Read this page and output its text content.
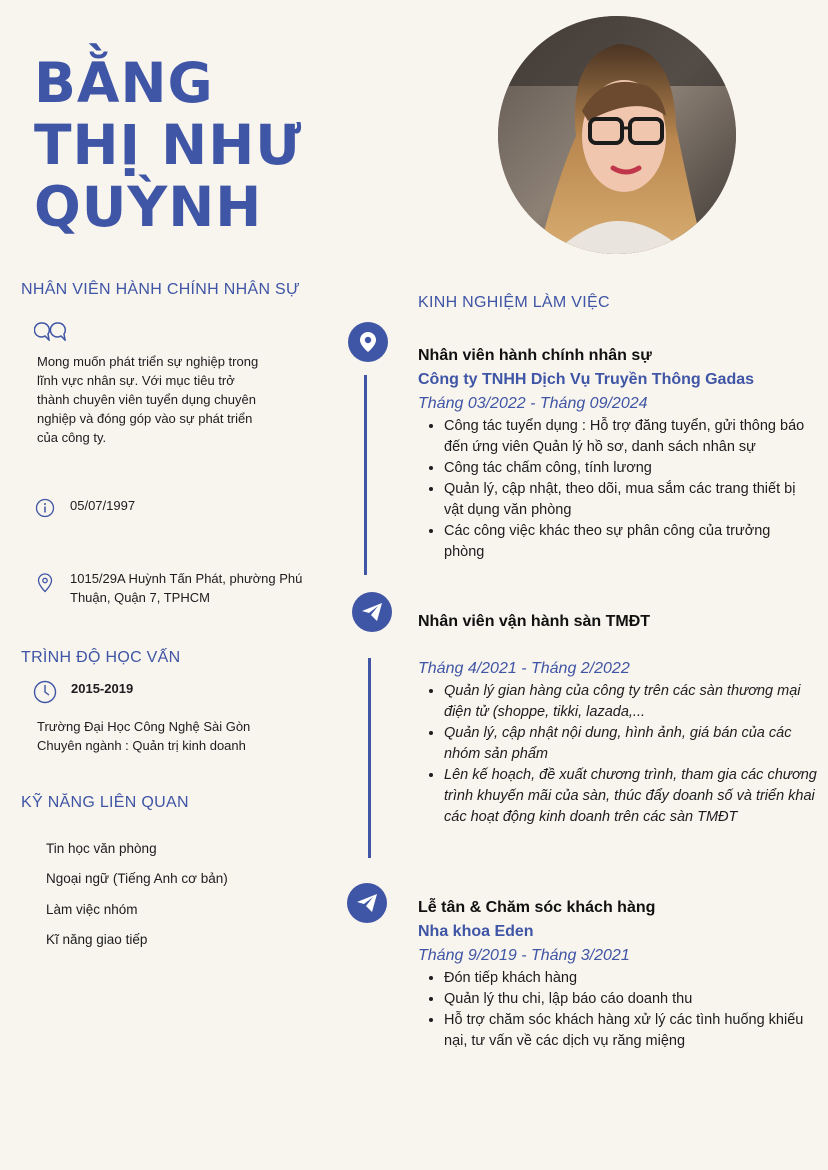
BẰNG
THỊ NHƯ
QUỲNH
NHÂN VIÊN HÀNH CHÍNH NHÂN SỰ
Mong muốn phát triển sự nghiệp trong lĩnh vực nhân sự. Với mục tiêu trở thành chuyên viên tuyển dụng chuyên nghiệp và đóng góp vào sự phát triển của công ty.
05/07/1997
1015/29A Huỳnh Tấn Phát, phường Phú Thuận, Quận 7, TPHCM
TRÌNH ĐỘ HỌC VẤN
2015-2019
Trường Đại Học Công Nghệ Sài Gòn
Chuyên ngành : Quản trị kinh doanh
KỸ NĂNG LIÊN QUAN
Tin học văn phòng
Ngoại ngữ (Tiếng Anh cơ bản)
Làm việc nhóm
Kĩ năng giao tiếp
KINH NGHIỆM LÀM VIỆC
Nhân viên hành chính nhân sự
Công ty TNHH Dịch Vụ Truyền Thông Gadas
Tháng 03/2022 - Tháng 09/2024
• Công tác tuyển dụng : Hỗ trợ đăng tuyển, gửi thông báo đến ứng viên Quản lý hồ sơ, danh sách nhân sự
• Công tác chấm công, tính lương
• Quản lý, cập nhật, theo dõi, mua sắm các trang thiết bị vật dụng văn phòng
• Các công việc khác theo sự phân công của trưởng phòng
Nhân viên vận hành sàn TMĐT
Tháng 4/2021 - Tháng 2/2022
• Quản lý gian hàng của công ty trên các sàn thương mại điện tử (shoppe, tikki, lazada,...
• Quản lý, cập nhật nội dung, hình ảnh, giá bán của các nhóm sản phẩm
• Lên kế hoạch, đề xuất chương trình, tham gia các chương trình khuyến mãi của sàn, thúc đẩy doanh số và triển khai các hoạt động kinh doanh trên các sàn TMĐT
Lễ tân & Chăm sóc khách hàng
Nha khoa Eden
Tháng 9/2019 - Tháng 3/2021
• Đón tiếp khách hàng
• Quản lý thu chi, lập báo cáo doanh thu
• Hỗ trợ chăm sóc khách hàng xử lý các tình huống khiếu nại, tư vấn về các dịch vụ răng miệng
